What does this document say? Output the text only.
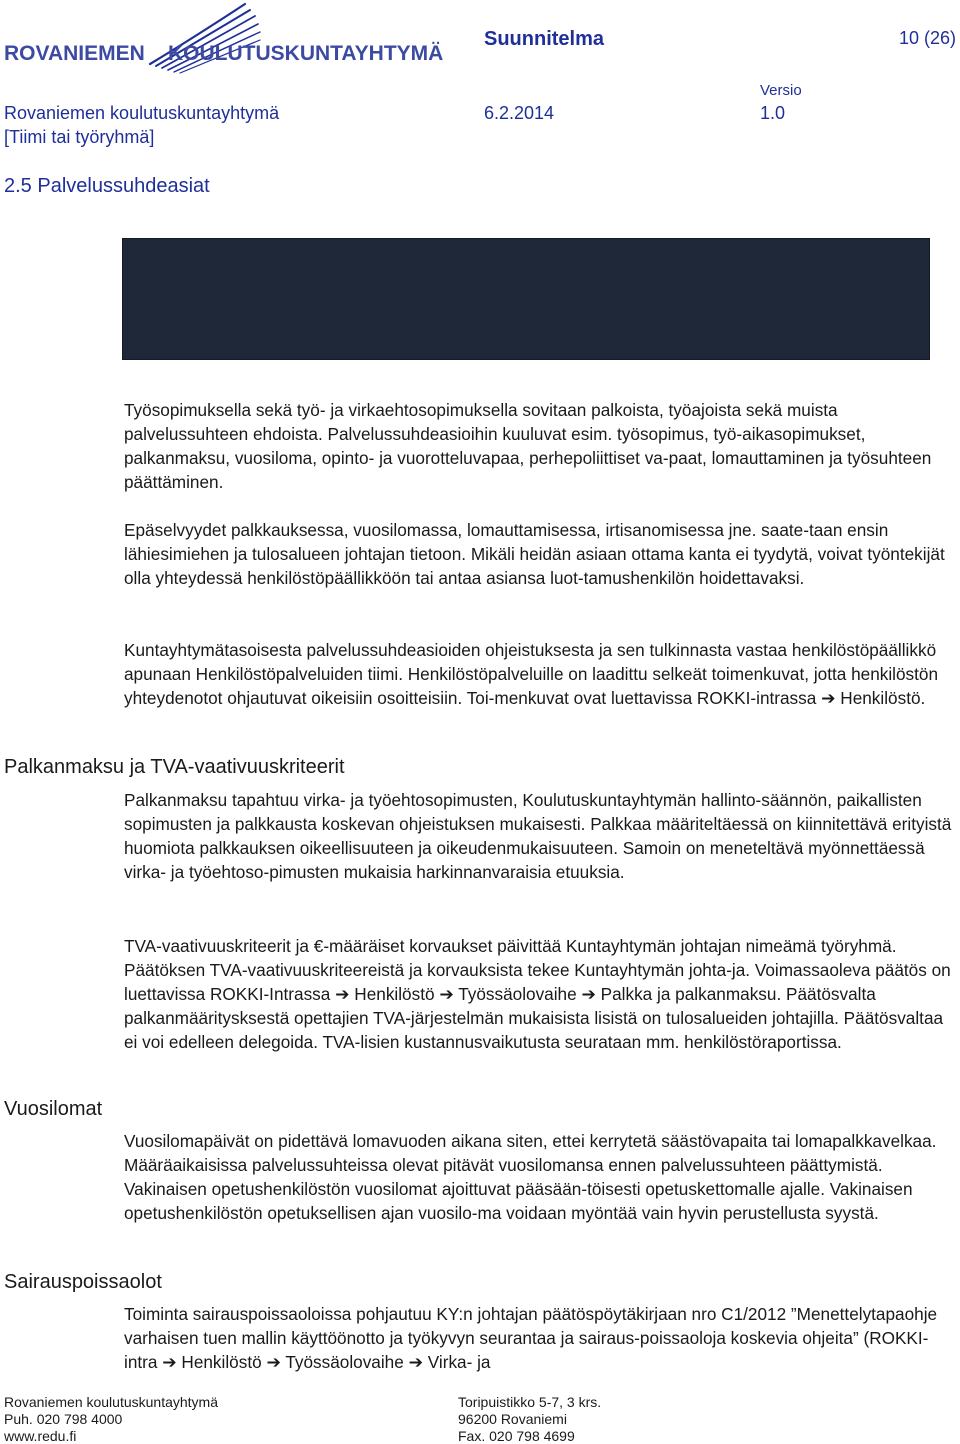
ROVANIEMEN KOULUTUSKUNTAYHTYMÄ
Suunnitelma	10 (26)
Versio
Rovaniemen koulutuskuntayhtymä	6.2.2014	1.0
[Tiimi tai työryhmä]
2.5 Palvelussuhdeasiat
Työsopimuksella sekä työ- ja virkaehtosopimuksella sovitaan palkoista, työajoista sekä muista palvelussuhteen ehdoista. Palvelussuhdeasioihin kuuluvat esim. työsopimus, työ-aikasopimukset, palkanmaksu, vuosiloma, opinto- ja vuorotteluvapaa, perhepoliittiset va-paat, lomauttaminen ja työsuhteen päättäminen.
Epäselvyydet palkkauksessa, vuosilomassa, lomauttamisessa, irtisanomisessa jne. saate-taan ensin lähiesimiehen ja tulosalueen johtajan tietoon. Mikäli heidän asiaan ottama kanta ei tyydytä, voivat työntekijät olla yhteydessä henkilöstöpäällikköön tai antaa asiansa luot-tamushenkilön hoidettavaksi.
Kuntayhtymätasoisesta palvelussuhdeasioiden ohjeistuksesta ja sen tulkinnasta vastaa henkilöstöpäällikkö apunaan Henkilöstöpalveluiden tiimi. Henkilöstöpalveluille on laadittu selkeät toimenkuvat, jotta henkilöstön yhteydenotot ohjautuvat oikeisiin osoitteisiin. Toi-menkuvat ovat luettavissa ROKKI-intrassa ➔ Henkilöstö.
Palkanmaksu ja TVA-vaativuuskriteerit
Palkanmaksu tapahtuu virka- ja työehtosopimusten, Koulutuskuntayhtymän hallinto-säännön, paikallisten sopimusten ja palkkausta koskevan ohjeistuksen mukaisesti. Palkkaa määriteltäessä on kiinnitettävä erityistä huomiota palkkauksen oikeellisuuteen ja oikeudenmukaisuuteen. Samoin on meneteltävä myönnettäessä virka- ja työehtoso-pimusten mukaisia harkinnanvaraisia etuuksia.
TVA-vaativuuskriteerit ja €-määräiset korvaukset päivittää Kuntayhtymän johtajan nimeämä työryhmä. Päätöksen TVA-vaativuuskriteereistä ja korvauksista tekee Kuntayhtymän johta-ja. Voimassaoleva päätös on luettavissa ROKKI-Intrassa ➔ Henkilöstö ➔ Työssäolovaihe ➔ Palkka ja palkanmaksu. Päätösvalta palkanmääritysksestä opettajien TVA-järjestelmän mukaisista lisistä on tulosalueiden johtajilla. Päätösvaltaa ei voi edelleen delegoida. TVA-lisien kustannusvaikutusta seurataan mm. henkilöstöraportissa.
Vuosilomat
Vuosilomapäivät on pidettävä lomavuoden aikana siten, ettei kerrytetä säästövapaita tai lomapalkkavelkaa. Määräaikaisissa palvelussuhteissa olevat pitävät vuosilomansa ennen palvelussuhteen päättymistä. Vakinaisen opetushenkilöstön vuosilomat ajoittuvat pääsään-töisesti opetuskettomalle ajalle. Vakinaisen opetushenkilöstön opetuksellisen ajan vuosilo-ma voidaan myöntää vain hyvin perustellusta syystä.
Sairauspoissaolot
Toiminta sairauspoissaoloissa pohjautuu KY:n johtajan päätöspöytäkirjaan nro C1/2012 ”Menettelytapaohje varhaisen tuen mallin käyttöönotto ja työkyvyn seurantaa ja sairaus-poissaoloja koskevia ohjeita” (ROKKI-intra ➔ Henkilöstö ➔ Työssäolovaihe ➔ Virka- ja
Rovaniemen koulutuskuntayhtymä
Puh. 020 798 4000
www.redu.fi
Toripuistikko 5-7, 3 krs.
96200 Rovaniemi
Fax. 020 798 4699
